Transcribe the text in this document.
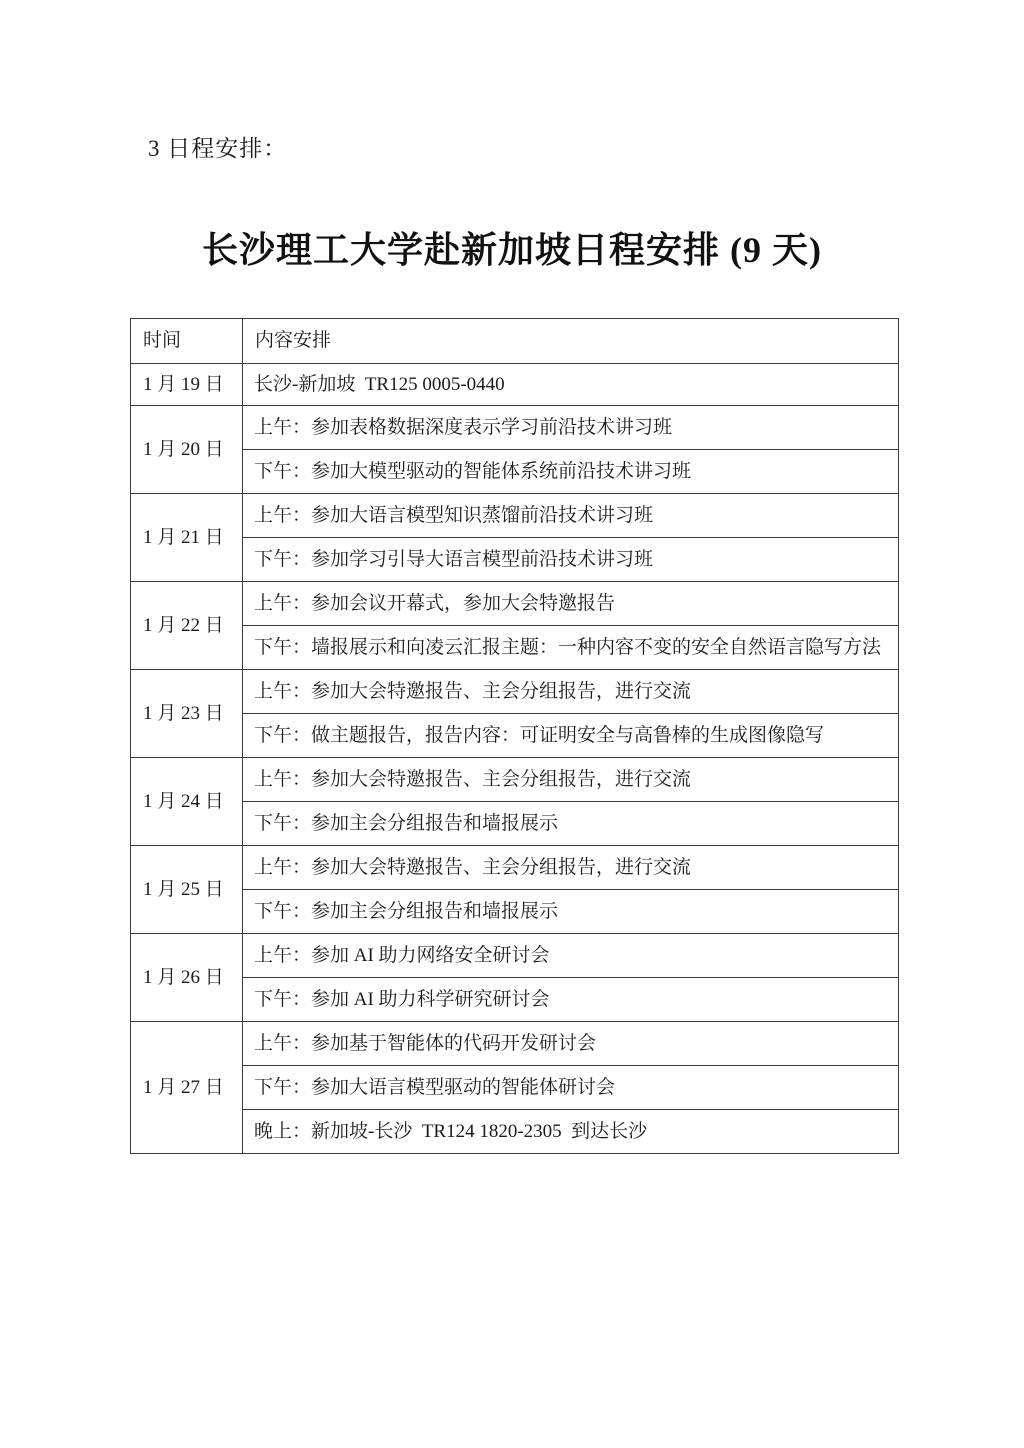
3 日程安排：
长沙理工大学赴新加坡日程安排 (9 天)
时间	内容安排
1 月 19 日	长沙-新加坡  TR125 0005-0440
1 月 20 日	上午：参加表格数据深度表示学习前沿技术讲习班
	下午：参加大模型驱动的智能体系统前沿技术讲习班
1 月 21 日	上午：参加大语言模型知识蒸馏前沿技术讲习班
	下午：参加学习引导大语言模型前沿技术讲习班
1 月 22 日	上午：参加会议开幕式，参加大会特邀报告
	下午：墙报展示和向凌云汇报主题：一种内容不变的安全自然语言隐写方法
1 月 23 日	上午：参加大会特邀报告、主会分组报告，进行交流
	下午：做主题报告，报告内容：可证明安全与高鲁棒的生成图像隐写
1 月 24 日	上午：参加大会特邀报告、主会分组报告，进行交流
	下午：参加主会分组报告和墙报展示
1 月 25 日	上午：参加大会特邀报告、主会分组报告，进行交流
	下午：参加主会分组报告和墙报展示
1 月 26 日	上午：参加 AI 助力网络安全研讨会
	下午：参加 AI 助力科学研究研讨会
1 月 27 日	上午：参加基于智能体的代码开发研讨会
	下午：参加大语言模型驱动的智能体研讨会
	晚上：新加坡-长沙  TR124 1820-2305  到达长沙
